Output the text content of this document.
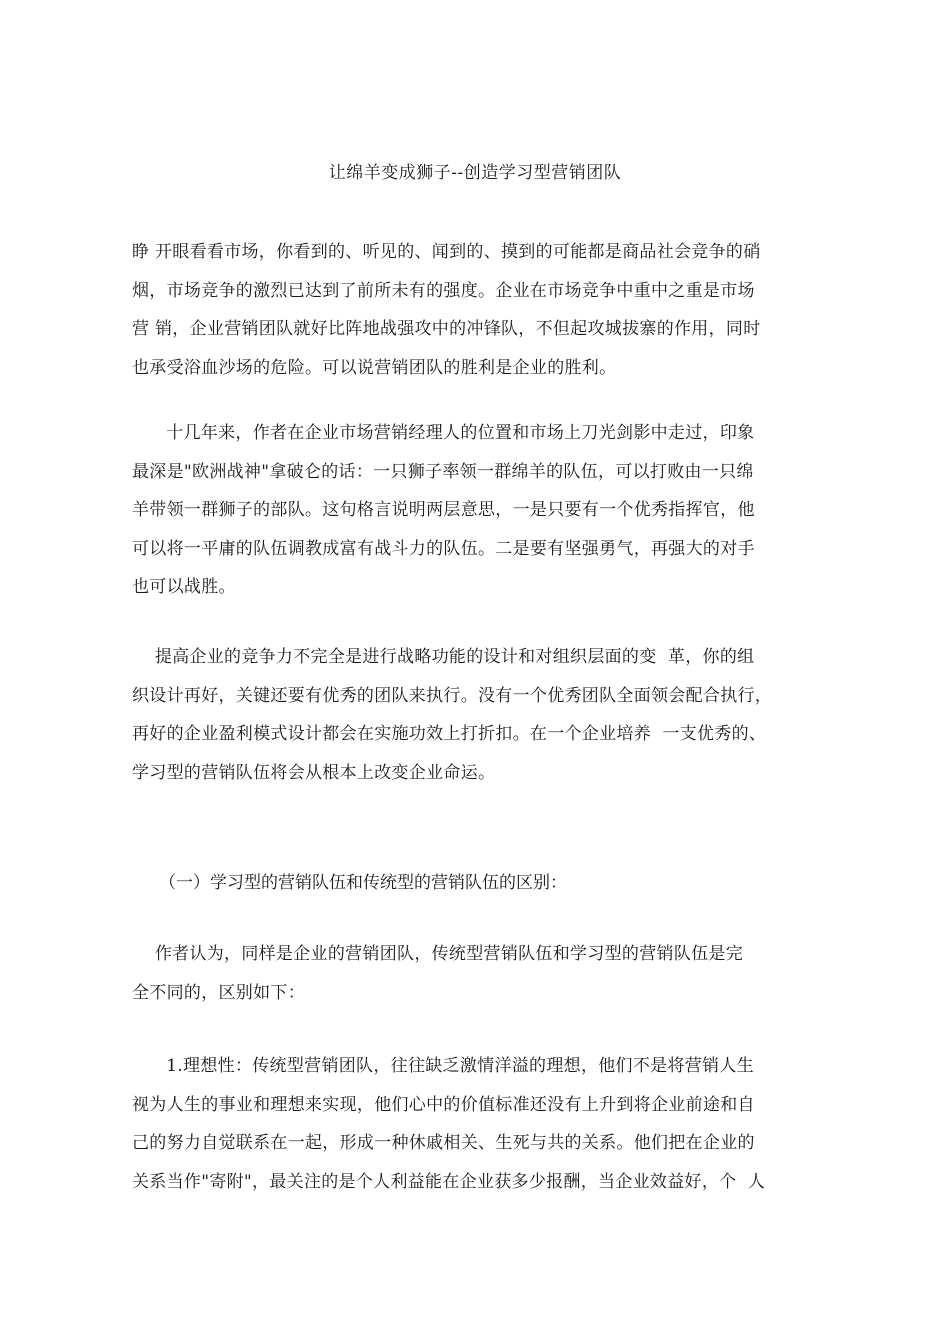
让绵羊变成狮子--创造学习型营销团队

睁 开眼看看市场，你看到的、听见的、闻到的、摸到的可能都是商品社会竞争的硝
烟，市场竞争的激烈已达到了前所未有的强度。企业在市场竞争中重中之重是市场
营 销，企业营销团队就好比阵地战强攻中的冲锋队，不但起攻城拔寨的作用，同时
也承受浴血沙场的危险。可以说营销团队的胜利是企业的胜利。

十几年来，作者在企业市场营销经理人的位置和市场上刀光剑影中走过，印象
最深是"欧洲战神"拿破仑的话：一只狮子率领一群绵羊的队伍，可以打败由一只绵
羊带领一群狮子的部队。这句格言说明两层意思，一是只要有一个优秀指挥官，他
可以将一平庸的队伍调教成富有战斗力的队伍。二是要有坚强勇气，再强大的对手
也可以战胜。

提高企业的竞争力不完全是进行战略功能的设计和对组织层面的变  革，你的组
织设计再好，关键还要有优秀的团队来执行。没有一个优秀团队全面领会配合执行，
再好的企业盈利模式设计都会在实施功效上打折扣。在一个企业培养  一支优秀的、
学习型的营销队伍将会从根本上改变企业命运。

（一）学习型的营销队伍和传统型的营销队伍的区别：

作者认为，同样是企业的营销团队，传统型营销队伍和学习型的营销队伍是完
全不同的，区别如下：

1.理想性：传统型营销团队，往往缺乏激情洋溢的理想，他们不是将营销人生
视为人生的事业和理想来实现，他们心中的价值标准还没有上升到将企业前途和自
己的努力自觉联系在一起，形成一种休戚相关、生死与共的关系。他们把在企业的
关系当作"寄附"，最关注的是个人利益能在企业获多少报酬，当企业效益好，个  人
